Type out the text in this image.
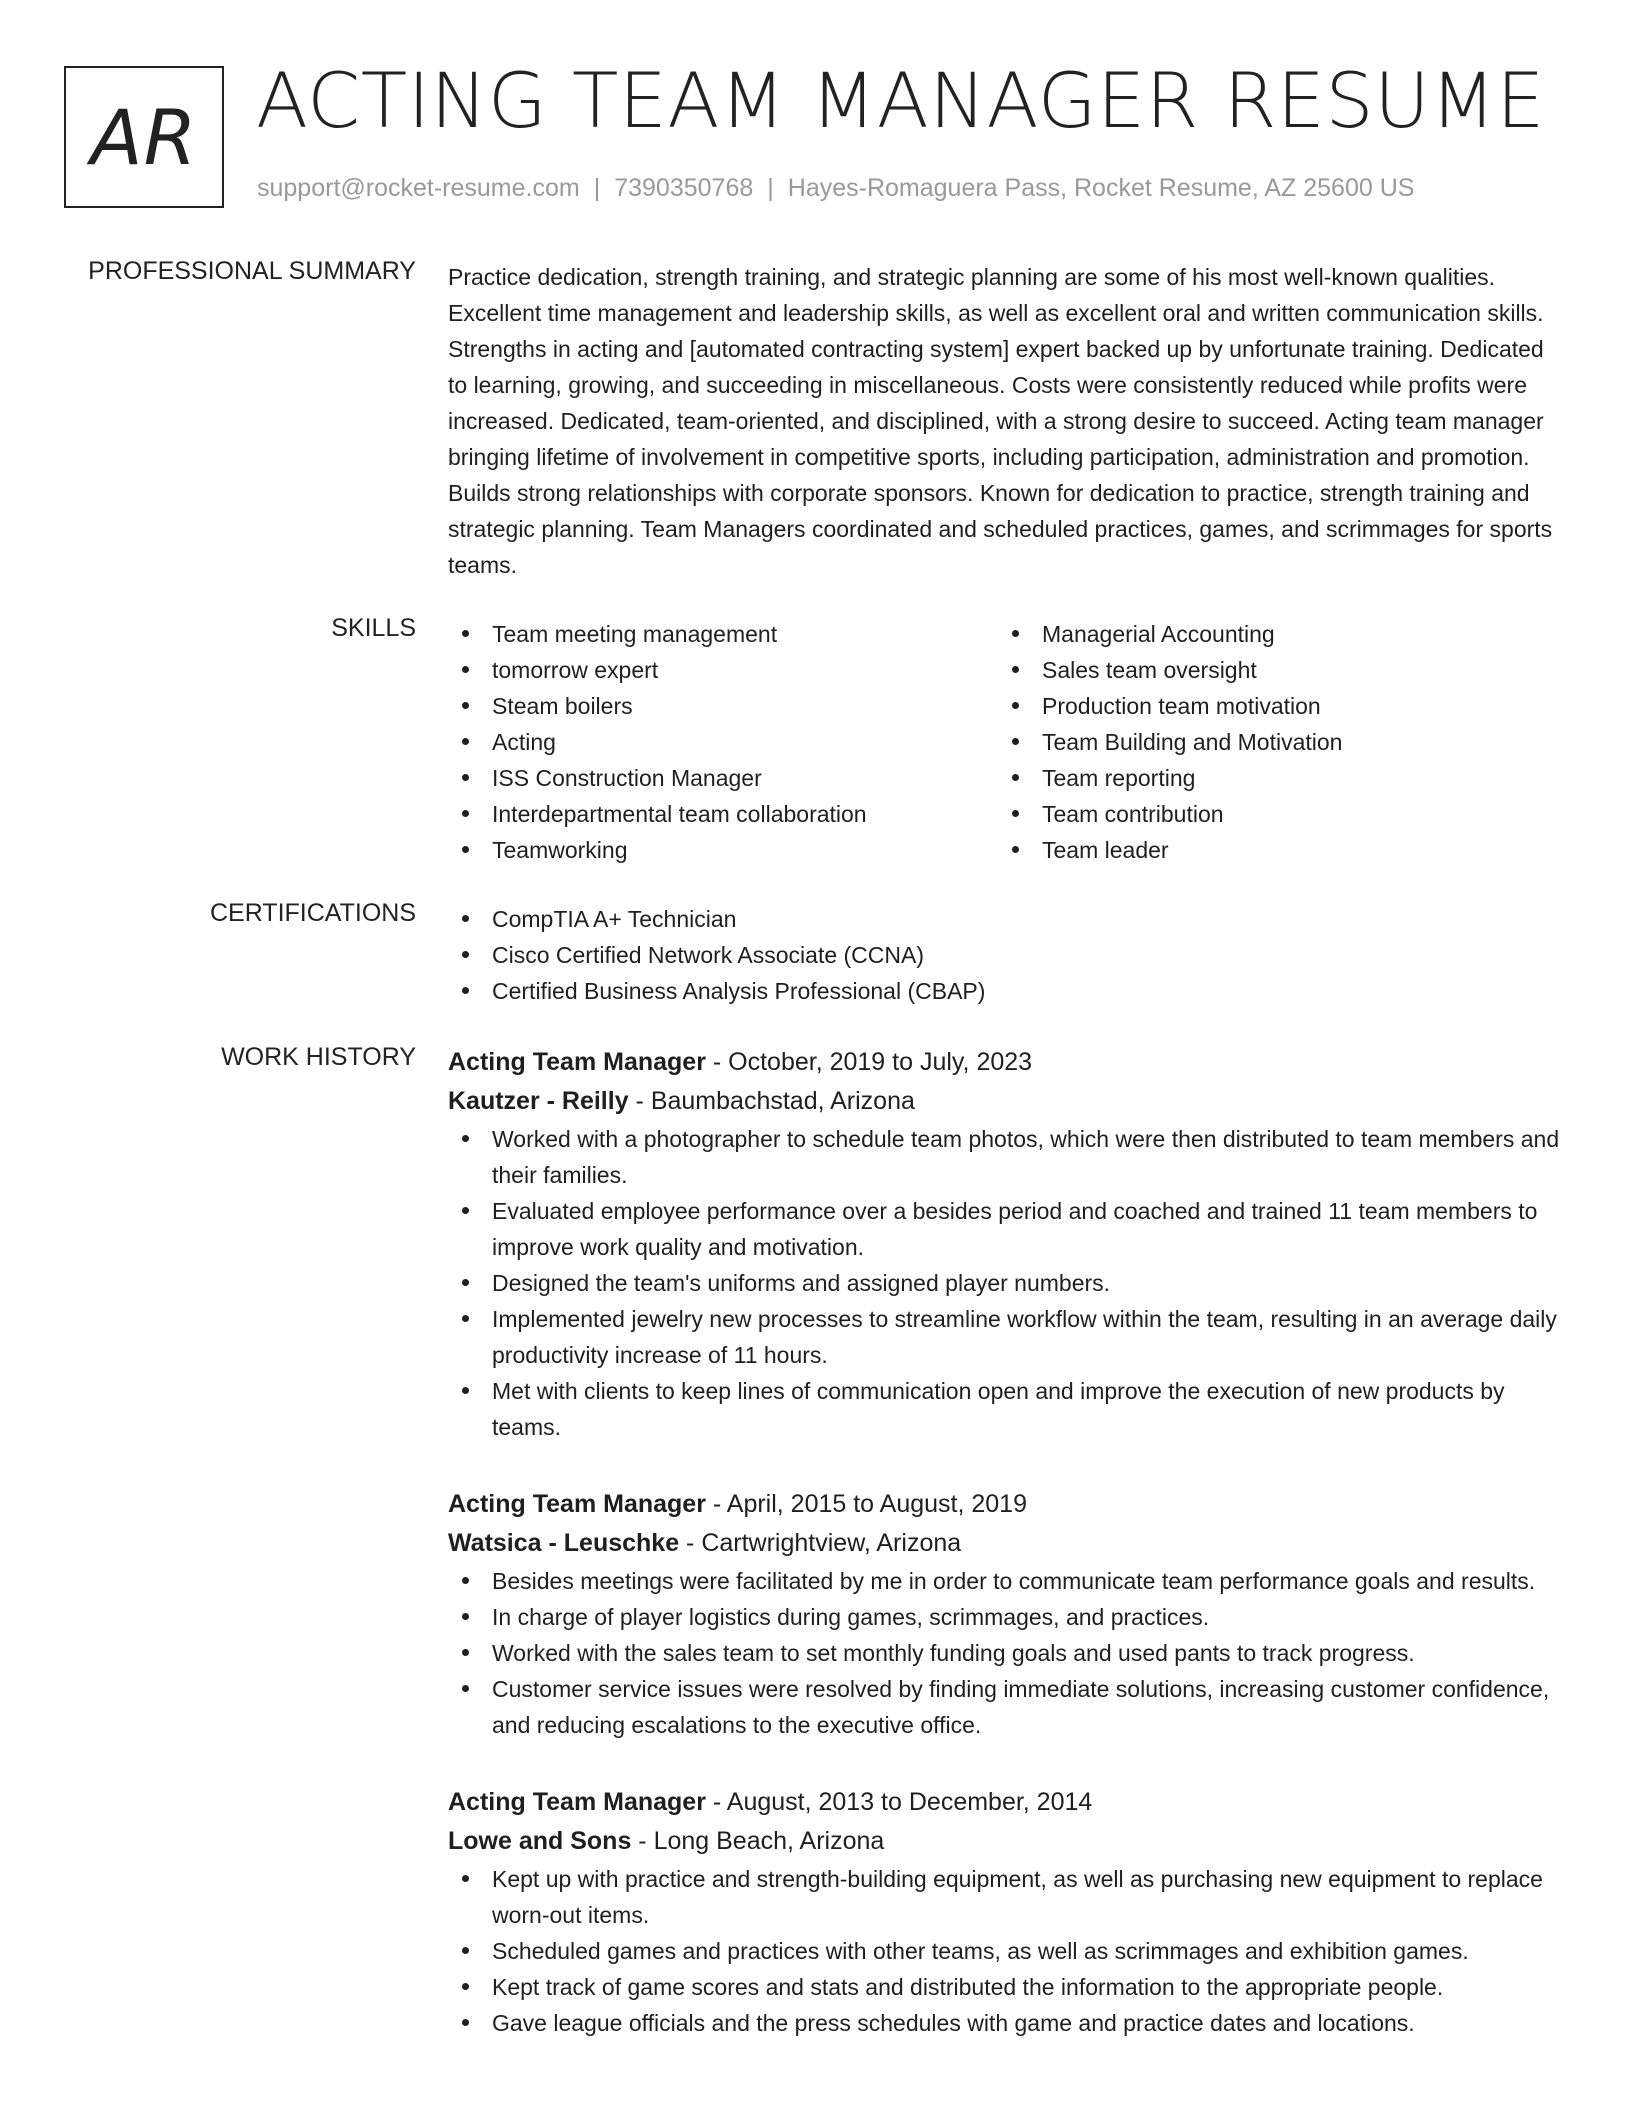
AR ACTING TEAM MANAGER RESUME
support@rocket-resume.com | 7390350768 | Hayes-Romaguera Pass, Rocket Resume, AZ 25600 US
PROFESSIONAL SUMMARY Practice dedication, strength training, and strategic planning are some of his most well-known qualities. Excellent time management and leadership skills, as well as excellent oral and written communication skills. Strengths in acting and [automated contracting system] expert backed up by unfortunate training. Dedicated to learning, growing, and succeeding in miscellaneous. Costs were consistently reduced while profits were increased. Dedicated, team-oriented, and disciplined, with a strong desire to succeed. Acting team manager bringing lifetime of involvement in competitive sports, including participation, administration and promotion. Builds strong relationships with corporate sponsors. Known for dedication to practice, strength training and strategic planning. Team Managers coordinated and scheduled practices, games, and scrimmages for sports teams.
SKILLS	Team meeting management
tomorrow expert
Steam boilers
Acting
ISS Construction Manager
Interdepartmental team collaboration
Teamworking
Managerial Accounting
Sales team oversight
Production team motivation
Team Building and Motivation
Team reporting
Team contribution
Team leader
CERTIFICATIONS	CompTIA A+ Technician
Cisco Certified Network Associate (CCNA)
Certified Business Analysis Professional (CBAP)
WORK HISTORY Acting Team Manager - October, 2019 to July, 2023
Kautzer - Reilly - Baumbachstad, Arizona
Worked with a photographer to schedule team photos, which were then distributed to team members and their families.
Evaluated employee performance over a besides period and coached and trained 11 team members to improve work quality and motivation.
Designed the team's uniforms and assigned player numbers.
Implemented jewelry new processes to streamline workflow within the team, resulting in an average daily productivity increase of 11 hours.
Met with clients to keep lines of communication open and improve the execution of new products by teams.
Acting Team Manager - April, 2015 to August, 2019
Watsica - Leuschke - Cartwrightview, Arizona
Besides meetings were facilitated by me in order to communicate team performance goals and results.
In charge of player logistics during games, scrimmages, and practices.
Worked with the sales team to set monthly funding goals and used pants to track progress.
Customer service issues were resolved by finding immediate solutions, increasing customer confidence, and reducing escalations to the executive office.
Acting Team Manager - August, 2013 to December, 2014
Lowe and Sons - Long Beach, Arizona
Kept up with practice and strength-building equipment, as well as purchasing new equipment to replace worn-out items.
Scheduled games and practices with other teams, as well as scrimmages and exhibition games.
Kept track of game scores and stats and distributed the information to the appropriate people.
Gave league officials and the press schedules with game and practice dates and locations.
